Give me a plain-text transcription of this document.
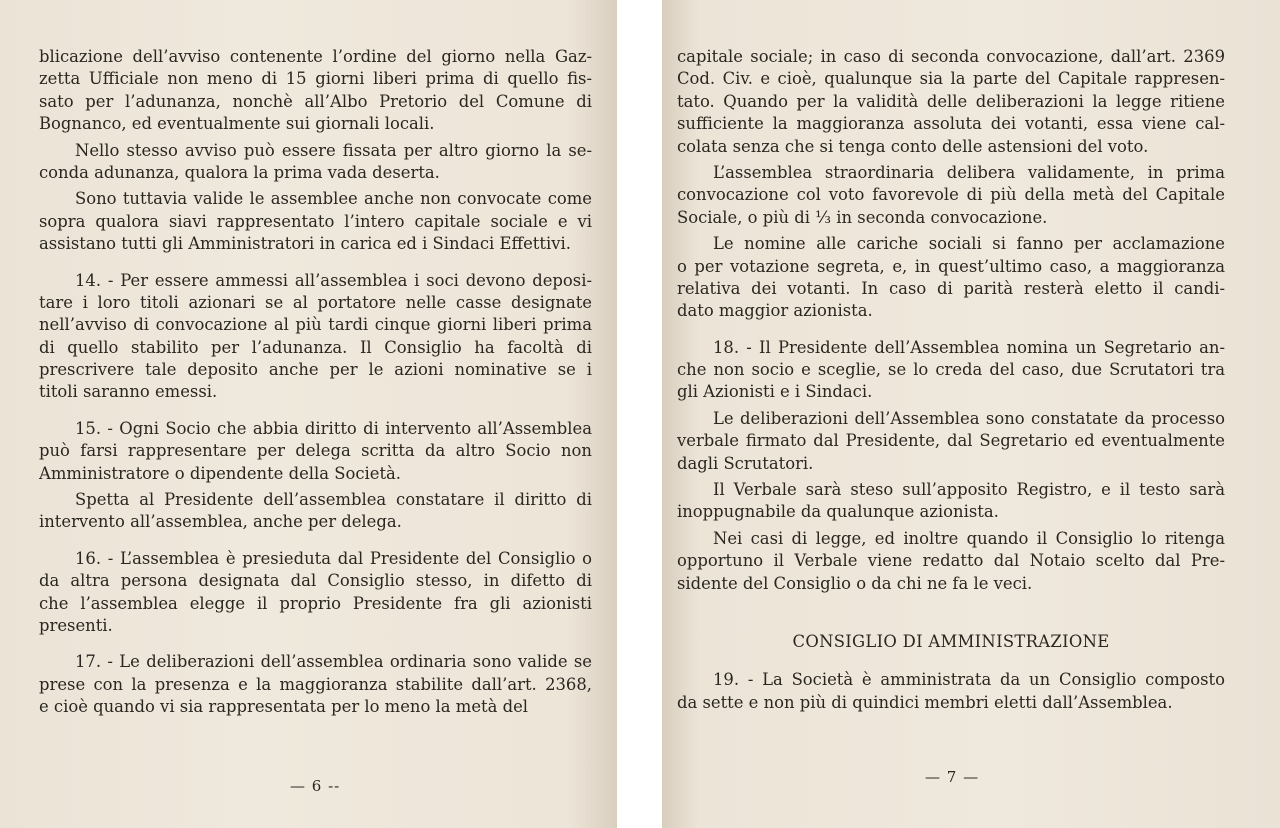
blicazione dell’avviso contenente l’ordine del giorno nella Gaz-
zetta Ufficiale non meno di 15 giorni liberi prima di quello fis-
sato per l’adunanza, nonchè all’Albo Pretorio del Comune di
Bognanco, ed eventualmente sui giornali locali.
Nello stesso avviso può essere fissata per altro giorno la se-
conda adunanza, qualora la prima vada deserta.
Sono tuttavia valide le assemblee anche non convocate come
sopra qualora siavi rappresentato l’intero capitale sociale e vi
assistano tutti gli Amministratori in carica ed i Sindaci Effettivi.
14. - Per essere ammessi all’assemblea i soci devono deposi-
tare i loro titoli azionari se al portatore nelle casse designate
nell’avviso di convocazione al più tardi cinque giorni liberi prima
di quello stabilito per l’adunanza. Il Consiglio ha facoltà di
prescrivere tale deposito anche per le azioni nominative se i
titoli saranno emessi.
15. - Ogni Socio che abbia diritto di intervento all’Assemblea
può farsi rappresentare per delega scritta da altro Socio non
Amministratore o dipendente della Società.
Spetta al Presidente dell’assemblea constatare il diritto di
intervento all’assemblea, anche per delega.
16. - L’assemblea è presieduta dal Presidente del Consiglio o
da altra persona designata dal Consiglio stesso, in difetto di
che l’assemblea elegge il proprio Presidente fra gli azionisti
presenti.
17. - Le deliberazioni dell’assemblea ordinaria sono valide se
prese con la presenza e la maggioranza stabilite dall’art. 2368,
e cioè quando vi sia rappresentata per lo meno la metà del
— 6 --
capitale sociale; in caso di seconda convocazione, dall’art. 2369
Cod. Civ. e cioè, qualunque sia la parte del Capitale rappresen-
tato. Quando per la validità delle deliberazioni la legge ritiene
sufficiente la maggioranza assoluta dei votanti, essa viene cal-
colata senza che si tenga conto delle astensioni del voto.
L’assemblea straordinaria delibera validamente, in prima
convocazione col voto favorevole di più della metà del Capitale
Sociale, o più di ⅓ in seconda convocazione.
Le nomine alle cariche sociali si fanno per acclamazione
o per votazione segreta, e, in quest’ultimo caso, a maggioranza
relativa dei votanti. In caso di parità resterà eletto il candi-
dato maggior azionista.
18. - Il Presidente dell’Assemblea nomina un Segretario an-
che non socio e sceglie, se lo creda del caso, due Scrutatori tra
gli Azionisti e i Sindaci.
Le deliberazioni dell’Assemblea sono constatate da processo
verbale firmato dal Presidente, dal Segretario ed eventualmente
dagli Scrutatori.
Il Verbale sarà steso sull’apposito Registro, e il testo sarà
inoppugnabile da qualunque azionista.
Nei casi di legge, ed inoltre quando il Consiglio lo ritenga
opportuno il Verbale viene redatto dal Notaio scelto dal Pre-
sidente del Consiglio o da chi ne fa le veci.
CONSIGLIO DI AMMINISTRAZIONE
19. - La Società è amministrata da un Consiglio composto
da sette e non più di quindici membri eletti dall’Assemblea.
— 7 —
